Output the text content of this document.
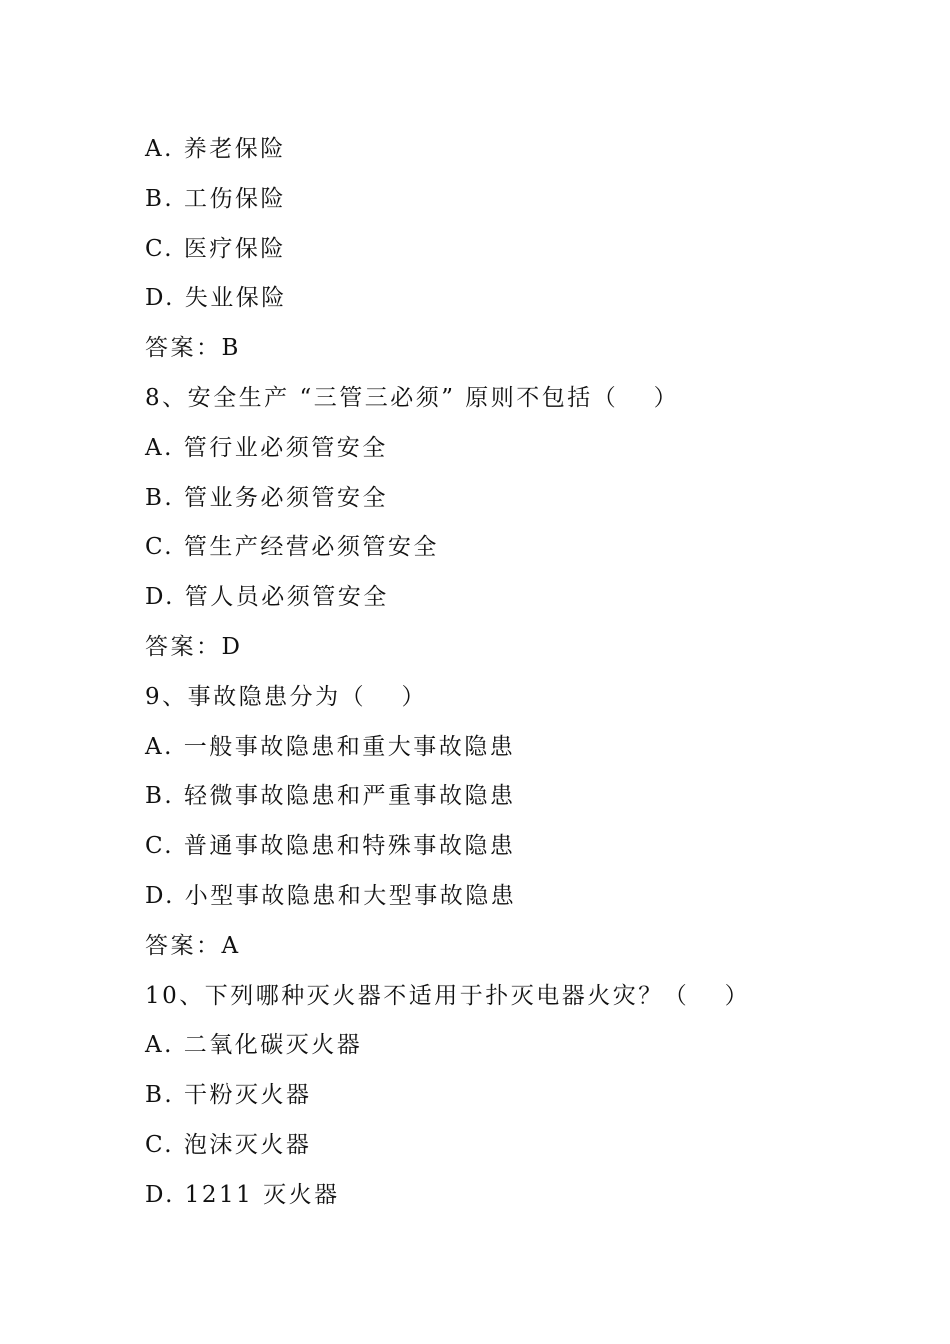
A. 养老保险
B. 工伤保险
C. 医疗保险
D. 失业保险
答案：B
8、安全生产 “三管三必须” 原则不包括（　 ）
A. 管行业必须管安全
B. 管业务必须管安全
C. 管生产经营必须管安全
D. 管人员必须管安全
答案：D
9、事故隐患分为（　 ）
A. 一般事故隐患和重大事故隐患
B. 轻微事故隐患和严重事故隐患
C. 普通事故隐患和特殊事故隐患
D. 小型事故隐患和大型事故隐患
答案：A
10、下列哪种灭火器不适用于扑灭电器火灾？（　 ）
A. 二氧化碳灭火器
B. 干粉灭火器
C. 泡沫灭火器
D. 1211 灭火器
